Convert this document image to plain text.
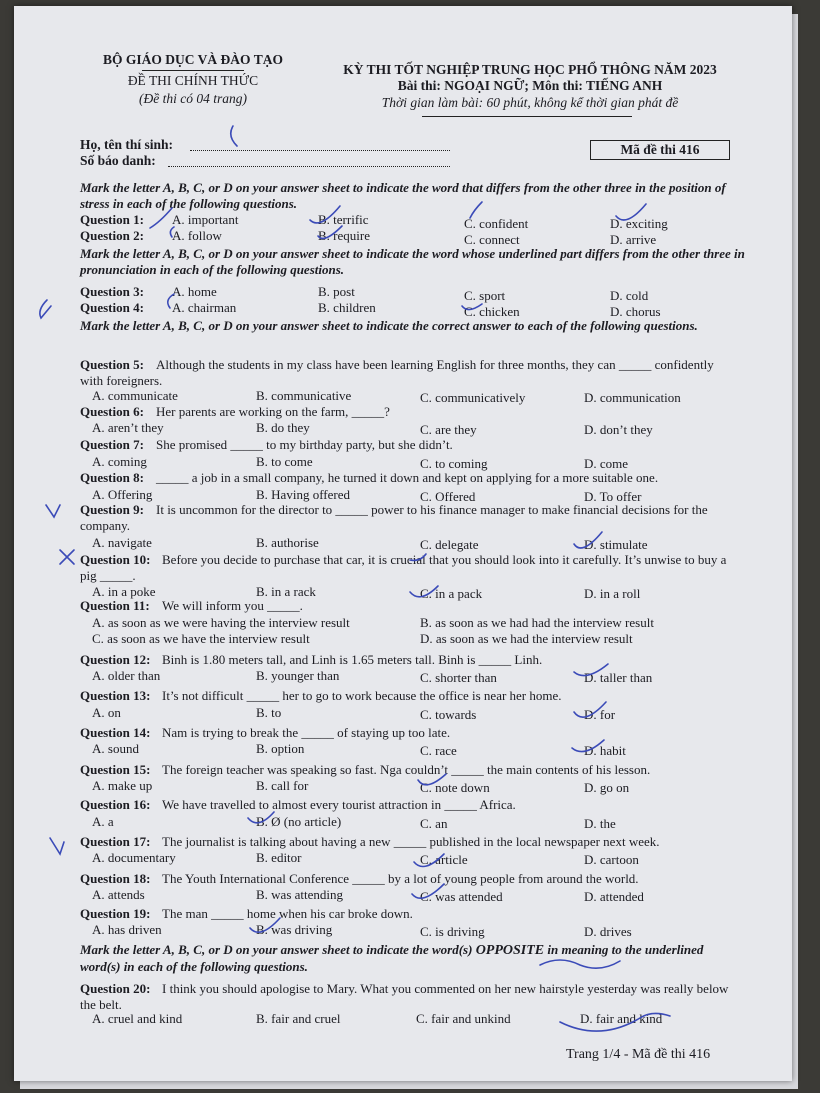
BỘ GIÁO DỤC VÀ ĐÀO TẠO
ĐỀ THI CHÍNH THỨC
(Đề thi có 04 trang)
KỲ THI TỐT NGHIỆP TRUNG HỌC PHỔ THÔNG NĂM 2023
Bài thi: NGOẠI NGỮ; Môn thi: TIẾNG ANH
Thời gian làm bài: 60 phút, không kể thời gian phát đề
Họ, tên thí sinh:
Số báo danh:
Mã đề thi 416
Mark the letter A, B, C, or D on your answer sheet to indicate the word that differs from the other three in the position of stress in each of the following questions.
Question 1: A. important	B. terrific	C. confident	D. exciting
Question 2: A. follow	B. require	C. connect	D. arrive
Question 3: A. home	B. post	C. sport	D. cold
Question 4: A. chairman	B. children	C. chicken	D. chorus
Mark the letter A, B, C, or D on your answer sheet to indicate the word whose underlined part differs from the other three in pronunciation in each of the following questions.
Mark the letter A, B, C, or D on your answer sheet to indicate the correct answer to each of the following questions.
Question 5: Although the students in my class have been learning English for three months, they can _____ confidently with foreigners.
A. communicate	B. communicative	C. communicatively	D. communication
Question 6: Her parents are working on the farm, _____?
A. aren’t they	B. do they	C. are they	D. don’t they
Question 7: She promised _____ to my birthday party, but she didn’t.
A. coming	B. to come	C. to coming	D. come
Question 8: _____ a job in a small company, he turned it down and kept on applying for a more suitable one.
A. Offering	B. Having offered	C. Offered	D. To offer
Question 9: It is uncommon for the director to _____ power to his finance manager to make financial decisions for the company.
A. navigate	B. authorise	C. delegate	D. stimulate
Question 10: Before you decide to purchase that car, it is crucial that you should look into it carefully. It’s unwise to buy a pig _____.
A. in a poke	B. in a rack	C. in a pack	D. in a roll
Question 11: We will inform you _____.
A. as soon as we were having the interview result	B. as soon as we had had the interview result
C. as soon as we have the interview result	D. as soon as we had the interview result
Question 12: Binh is 1.80 meters tall, and Linh is 1.65 meters tall. Binh is _____ Linh.
A. older than	B. younger than	C. shorter than	D. taller than
Question 13: It’s not difficult _____ her to go to work because the office is near her home.
A. on	B. to	C. towards	D. for
Question 14: Nam is trying to break the _____ of staying up too late.
A. sound	B. option	C. race	D. habit
Question 15: The foreign teacher was speaking so fast. Nga couldn’t _____ the main contents of his lesson.
A. make up	B. call for	C. note down	D. go on
Question 16: We have travelled to almost every tourist attraction in _____ Africa.
A. a	B. Ø (no article)	C. an	D. the
Question 17: The journalist is talking about having a new _____ published in the local newspaper next week.
A. documentary	B. editor	C. article	D. cartoon
Question 18: The Youth International Conference _____ by a lot of young people from around the world.
A. attends	B. was attending	C. was attended	D. attended
Question 19: The man _____ home when his car broke down.
A. has driven	B. was driving	C. is driving	D. drives
Mark the letter A, B, C, or D on your answer sheet to indicate the word(s) OPPOSITE in meaning to the underlined word(s) in each of the following questions.
Question 20: I think you should apologise to Mary. What you commented on her new hairstyle yesterday was really below the belt.
A. cruel and kind	B. fair and cruel	C. fair and unkind	D. fair and kind
Trang 1/4 - Mã đề thi 416
